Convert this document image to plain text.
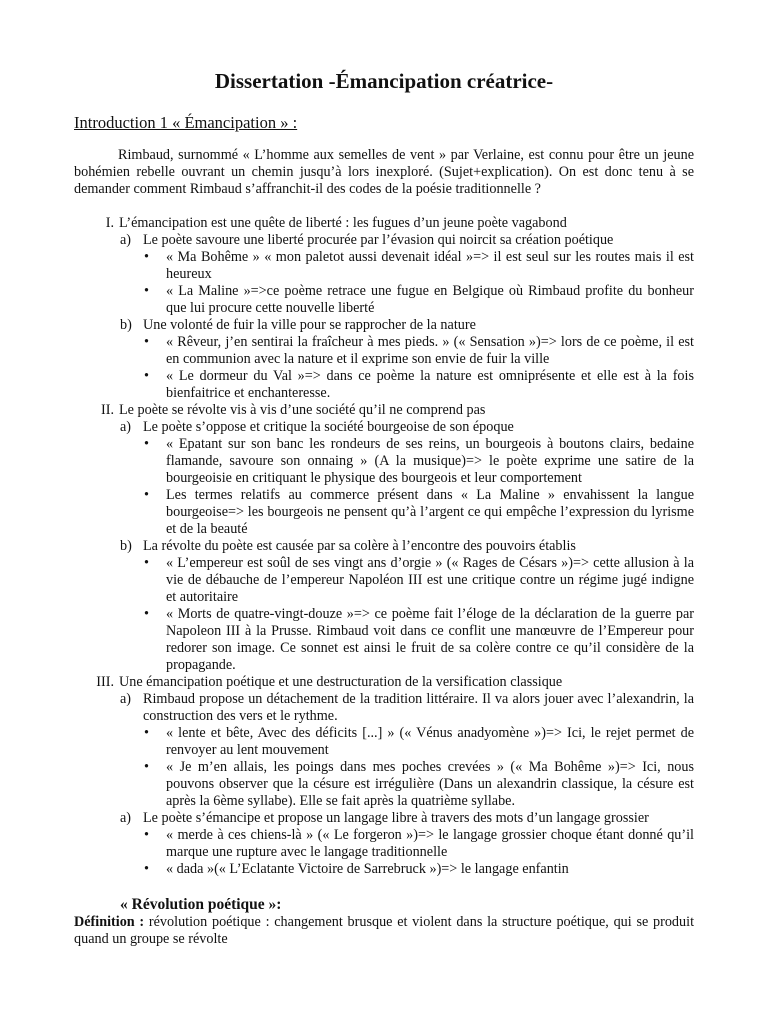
Dissertation -Émancipation créatrice-
Introduction 1 « Émancipation » :

Rimbaud, surnommé « L’homme aux semelles de vent » par Verlaine, est connu pour être un jeune bohémien rebelle ouvrant un chemin jusqu’à lors inexploré. (Sujet+explication). On est donc tenu à se demander comment Rimbaud s’affranchit-il des codes de la poésie traditionnelle ?

I. L’émancipation est une quête de liberté : les fugues d’un jeune poète vagabond
a) Le poète savoure une liberté procurée par l’évasion qui noircit sa création poétique
• « Ma Bohême » « mon paletot aussi devenait idéal »=> il est seul sur les routes mais il est heureux
• « La Maline »=>ce poème retrace une fugue en Belgique où Rimbaud profite du bonheur que lui procure cette nouvelle liberté
b) Une volonté de fuir la ville pour se rapprocher de la nature
• « Rêveur, j’en sentirai la fraîcheur à mes pieds. » (« Sensation »)=> lors de ce poème, il est en communion avec la nature et il exprime son envie de fuir la ville
• « Le dormeur du Val »=> dans ce poème la nature est omniprésente et elle est à la fois bienfaitrice et enchanteresse.
II. Le poète se révolte vis à vis d’une société qu’il ne comprend pas
a) Le poète s’oppose et critique la société bourgeoise de son époque
• « Epatant sur son banc les rondeurs de ses reins, un bourgeois à boutons clairs, bedaine flamande, savoure son onnaing » (A la musique)=> le poète exprime une satire de la bourgeoisie en critiquant le physique des bourgeois et leur comportement
• Les termes relatifs au commerce présent dans « La Maline » envahissent la langue bourgeoise=> les bourgeois ne pensent qu’à l’argent ce qui empêche l’expression du lyrisme et de la beauté
b) La révolte du poète est causée par sa colère à l’encontre des pouvoirs établis
• « L’empereur est soûl de ses vingt ans d’orgie » (« Rages de Césars »)=> cette allusion à la vie de débauche de l’empereur Napoléon III est une critique contre un régime jugé indigne et autoritaire
• « Morts de quatre-vingt-douze »=> ce poème fait l’éloge de la déclaration de la guerre par Napoleon III à la Prusse. Rimbaud voit dans ce conflit une manœuvre de l’Empereur pour redorer son image. Ce sonnet est ainsi le fruit de sa colère contre ce qu’il considère de la propagande.
III. Une émancipation poétique et une destructuration de la versification classique
a) Rimbaud propose un détachement de la tradition littéraire. Il va alors jouer avec l’alexandrin, la construction des vers et le rythme.
• « lente et bête, Avec des déficits [...] » (« Vénus anadyomène »)=> Ici, le rejet permet de renvoyer au lent mouvement
• « Je m’en allais, les poings dans mes poches crevées » (« Ma Bohême »)=> Ici, nous pouvons observer que la césure est irrégulière (Dans un alexandrin classique, la césure est après la 6ème syllabe). Elle se fait après la quatrième syllabe.
a) Le poète s’émancipe et propose un langage libre à travers des mots d’un langage grossier
• « merde à ces chiens-là » (« Le forgeron »)=> le langage grossier choque étant donné qu’il marque une rupture avec le langage traditionnelle
• « dada »(« L’Eclatante Victoire de Sarrebruck »)=> le langage enfantin
« Révolution poétique »:

Définition : révolution poétique : changement brusque et violent dans la structure poétique, qui se produit quand un groupe se révolte
